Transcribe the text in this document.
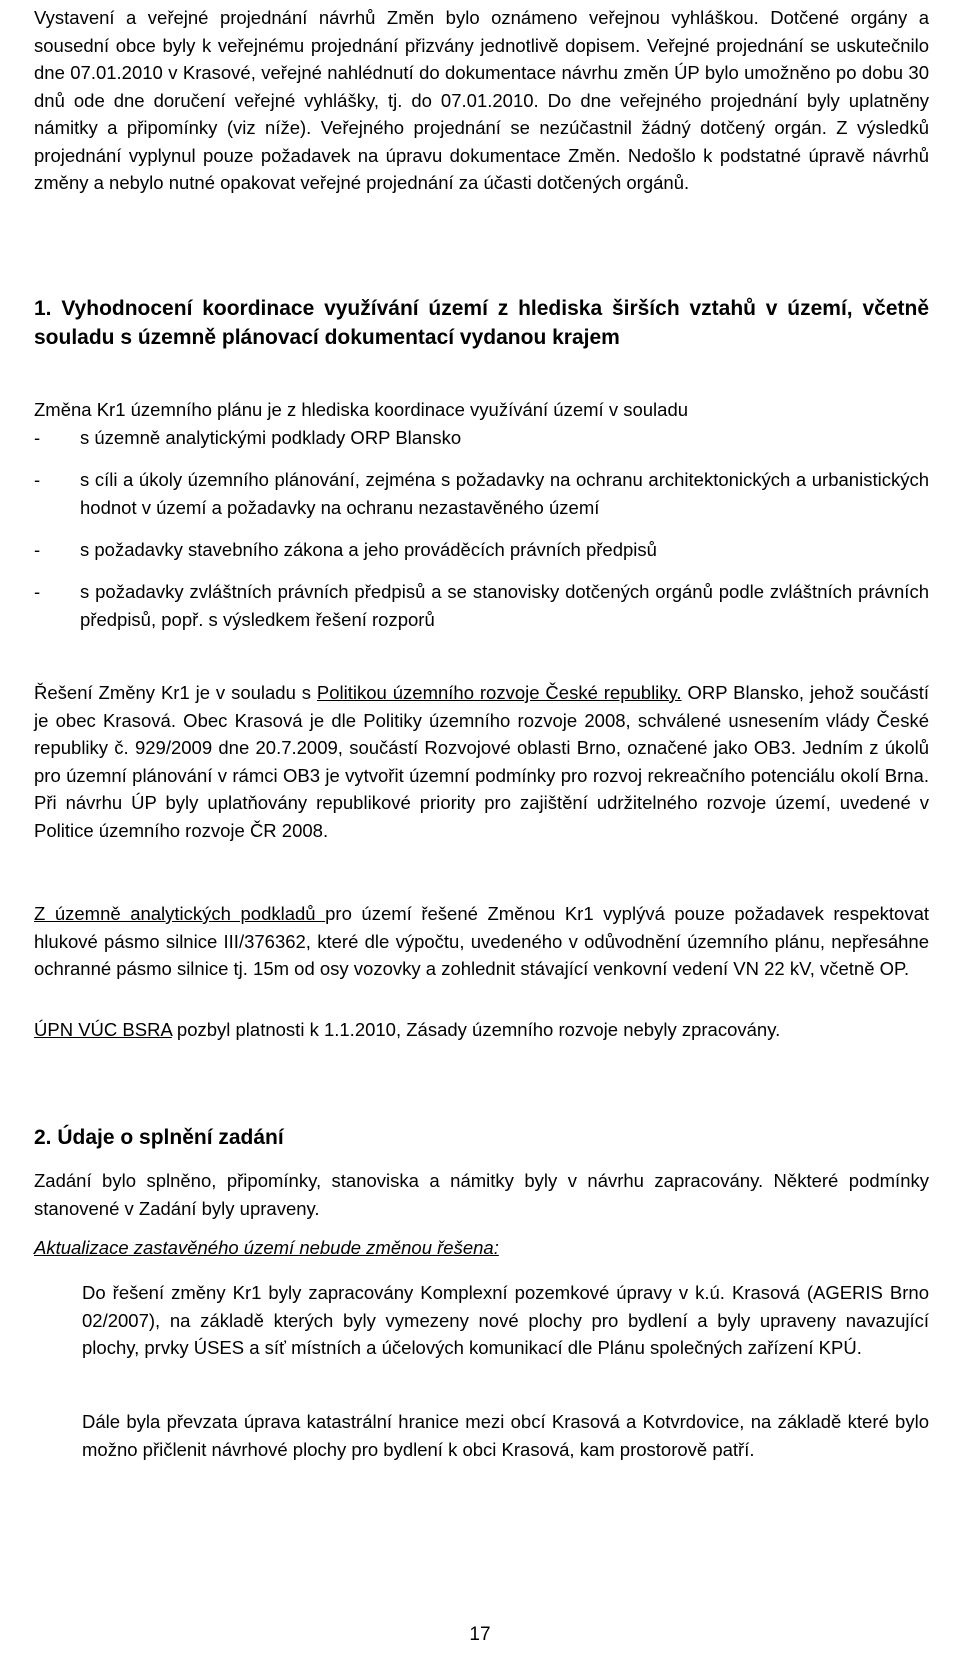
Vystavení a veřejné projednání návrhů Změn bylo oznámeno veřejnou vyhláškou. Dotčené orgány a sousední obce byly k veřejnému projednání přizvány jednotlivě dopisem. Veřejné projednání se uskutečnilo dne 07.01.2010 v Krasové, veřejné nahlédnutí do dokumentace návrhu změn ÚP bylo umožněno po dobu 30 dnů ode dne doručení veřejné vyhlášky, tj. do 07.01.2010. Do dne veřejného projednání byly uplatněny námitky a připomínky (viz níže). Veřejného projednání se nezúčastnil žádný dotčený orgán. Z výsledků projednání vyplynul pouze požadavek na úpravu dokumentace Změn. Nedošlo k podstatné úpravě návrhů změny a nebylo nutné opakovat veřejné projednání za účasti dotčených orgánů.

1. Vyhodnocení koordinace využívání území z hlediska širších vztahů v území, včetně souladu s územně plánovací dokumentací vydanou krajem

Změna Kr1 územního plánu je z hlediska koordinace využívání území v souladu

- s územně analytickými podklady ORP Blansko
- s cíli a úkoly územního plánování, zejména s požadavky na ochranu architektonických a urbanistických hodnot v území a požadavky na ochranu nezastavěného území
- s požadavky stavebního zákona a jeho prováděcích právních předpisů
- s požadavky zvláštních právních předpisů a se stanovisky dotčených orgánů podle zvláštních právních předpisů, popř. s výsledkem řešení rozporů

Řešení Změny Kr1 je v souladu s Politikou územního rozvoje České republiky. ORP Blansko, jehož součástí je obec Krasová. Obec Krasová je dle Politiky územního rozvoje 2008, schválené usnesením vlády České republiky č. 929/2009 dne 20.7.2009, součástí Rozvojové oblasti Brno, označené jako OB3. Jedním z úkolů pro územní plánování v rámci OB3 je vytvořit územní podmínky pro rozvoj rekreačního potenciálu okolí Brna. Při návrhu ÚP byly uplatňovány republikové priority pro zajištění udržitelného rozvoje území, uvedené v Politice územního rozvoje ČR 2008.

Z územně analytických podkladů pro území řešené Změnou Kr1 vyplývá pouze požadavek respektovat hlukové pásmo silnice III/376362, které dle výpočtu, uvedeného v odůvodnění územního plánu, nepřesáhne ochranné pásmo silnice tj. 15m od osy vozovky a zohlednit stávající venkovní vedení VN 22 kV, včetně OP.

ÚPN VÚC BSRA pozbyl platnosti k 1.1.2010, Zásady územního rozvoje nebyly zpracovány.

2. Údaje o splnění zadání

Zadání bylo splněno, připomínky, stanoviska a námitky byly v návrhu zapracovány. Některé podmínky stanovené v Zadání byly upraveny.

Aktualizace zastavěného území nebude změnou řešena:

Do řešení změny Kr1 byly zapracovány Komplexní pozemkové úpravy v k.ú. Krasová (AGERIS Brno 02/2007), na základě kterých byly vymezeny nové plochy pro bydlení a byly upraveny navazující plochy, prvky ÚSES a síť místních a účelových komunikací dle Plánu společných zařízení KPÚ.

Dále byla převzata úprava katastrální hranice mezi obcí Krasová a Kotvrdovice, na základě které bylo možno přičlenit návrhové plochy pro bydlení k obci Krasová, kam prostorově patří.

17
